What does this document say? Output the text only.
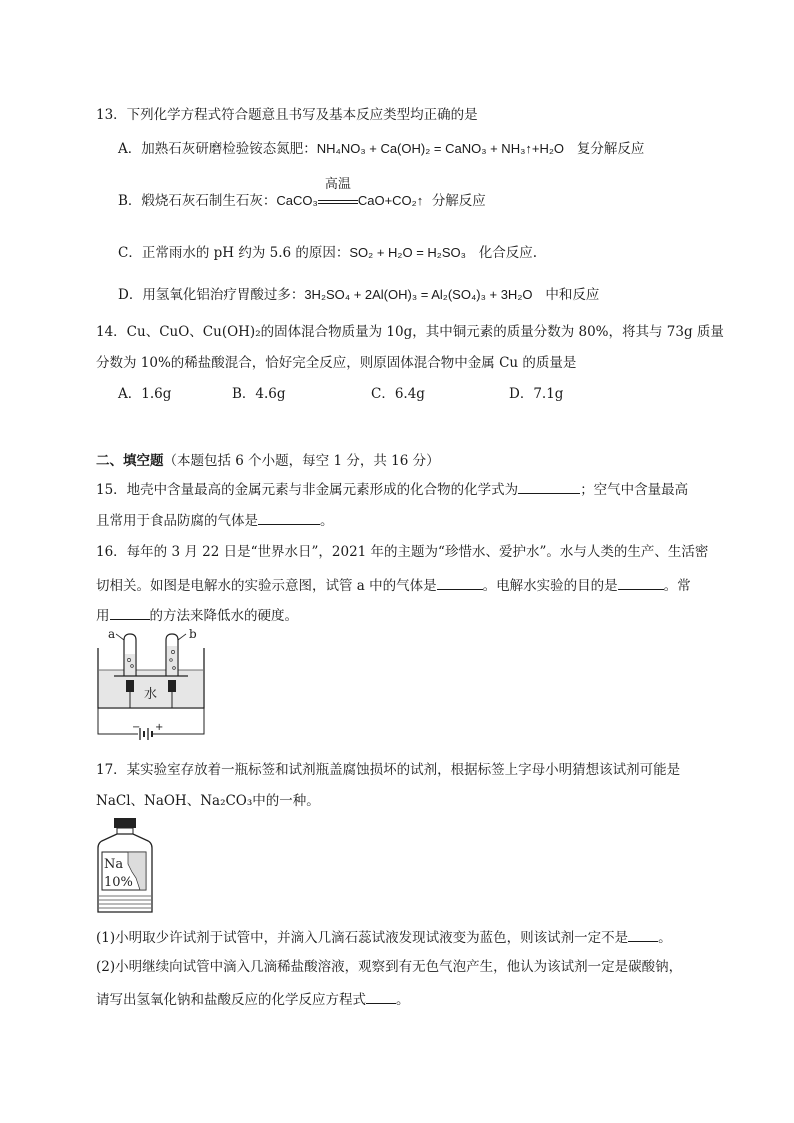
13．下列化学方程式符合题意且书写及基本反应类型均正确的是
A．加熟石灰研磨检验铵态氮肥：NH₄NO₃ + Ca(OH)₂ = CaNO₃ + NH₃↑+H₂O 复分解反应
B．煅烧石灰石制生石灰：CaCO₃
高温
CaO+CO₂↑ 分解反应
C．正常雨水的 pH 约为 5.6 的原因：SO₂ + H₂O = H₂SO₃ 化合反应.
D．用氢氧化铝治疗胃酸过多：3H₂SO₄ + 2Al(OH)₃ = Al₂(SO₄)₃ + 3H₂O 中和反应
14．Cu、CuO、Cu(OH)₂的固体混合物质量为 10g，其中铜元素的质量分数为 80%，将其与 73g 质量
分数为 10%的稀盐酸混合，恰好完全反应，则原固体混合物中金属 Cu 的质量是
A．1.6g	B．4.6g	C．6.4g	D．7.1g
二、填空题（本题包括 6 个小题，每空 1 分，共 16 分）
15．地壳中含量最高的金属元素与非金属元素形成的化合物的化学式为	；空气中含量最高
且常用于食品防腐的气体是	。
16．每年的 3 月 22 日是“世界水日”，2021 年的主题为“珍惜水、爱护水”。水与人类的生产、生活密
切相关。如图是电解水的实验示意图，试管 a 中的气体是	。电解水实验的目的是	。常
用	的方法来降低水的硬度。
a	b
水
− +
17．某实验室存放着一瓶标签和试剂瓶盖腐蚀损坏的试剂，根据标签上字母小明猜想该试剂可能是
NaCl、NaOH、Na₂CO₃中的一种。
Na
10%
(1)小明取少许试剂于试管中，并滴入几滴石蕊试液发现试液变为蓝色，则该试剂一定不是 。
(2)小明继续向试管中滴入几滴稀盐酸溶液，观察到有无色气泡产生，他认为该试剂一定是碳酸钠，
请写出氢氧化钠和盐酸反应的化学反应方程式 。
